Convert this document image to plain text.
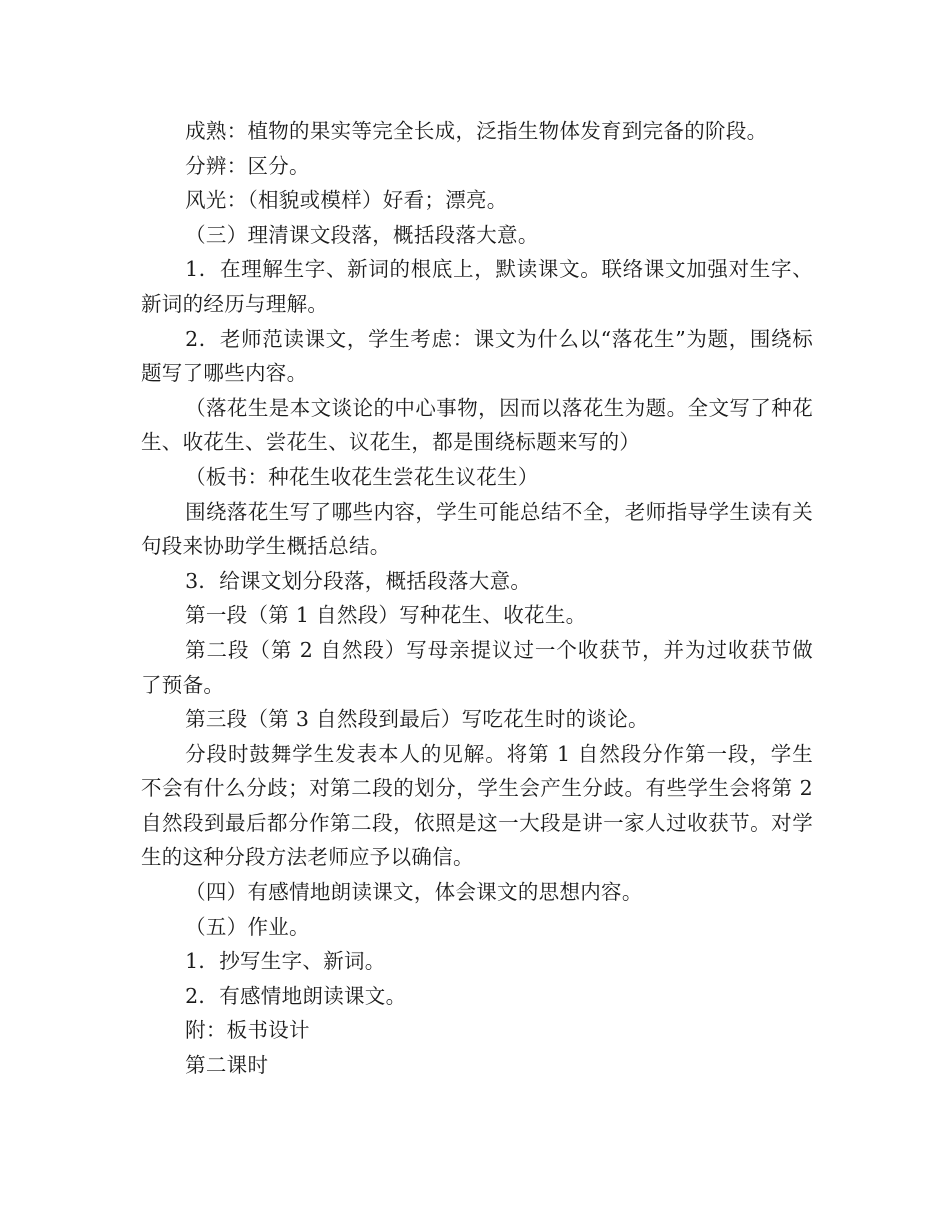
成熟：植物的果实等完全长成，泛指生物体发育到完备的阶段。

分辨：区分。

风光：（相貌或模样）好看；漂亮。

（三）理清课文段落，概括段落大意。

1．在理解生字、新词的根底上，默读课文。联络课文加强对生字、新词的经历与理解。

2．老师范读课文，学生考虑：课文为什么以“落花生”为题，围绕标题写了哪些内容。

（落花生是本文谈论的中心事物，因而以落花生为题。全文写了种花生、收花生、尝花生、议花生，都是围绕标题来写的）

（板书：种花生收花生尝花生议花生）

围绕落花生写了哪些内容，学生可能总结不全，老师指导学生读有关句段来协助学生概括总结。

3．给课文划分段落，概括段落大意。

第一段（第 1 自然段）写种花生、收花生。

第二段（第 2 自然段）写母亲提议过一个收获节，并为过收获节做了预备。

第三段（第 3 自然段到最后）写吃花生时的谈论。

分段时鼓舞学生发表本人的见解。将第 1 自然段分作第一段，学生不会有什么分歧；对第二段的划分，学生会产生分歧。有些学生会将第 2 自然段到最后都分作第二段，依照是这一大段是讲一家人过收获节。对学生的这种分段方法老师应予以确信。

（四）有感情地朗读课文，体会课文的思想内容。

（五）作业。

1．抄写生字、新词。

2．有感情地朗读课文。

附：板书设计

第二课时
